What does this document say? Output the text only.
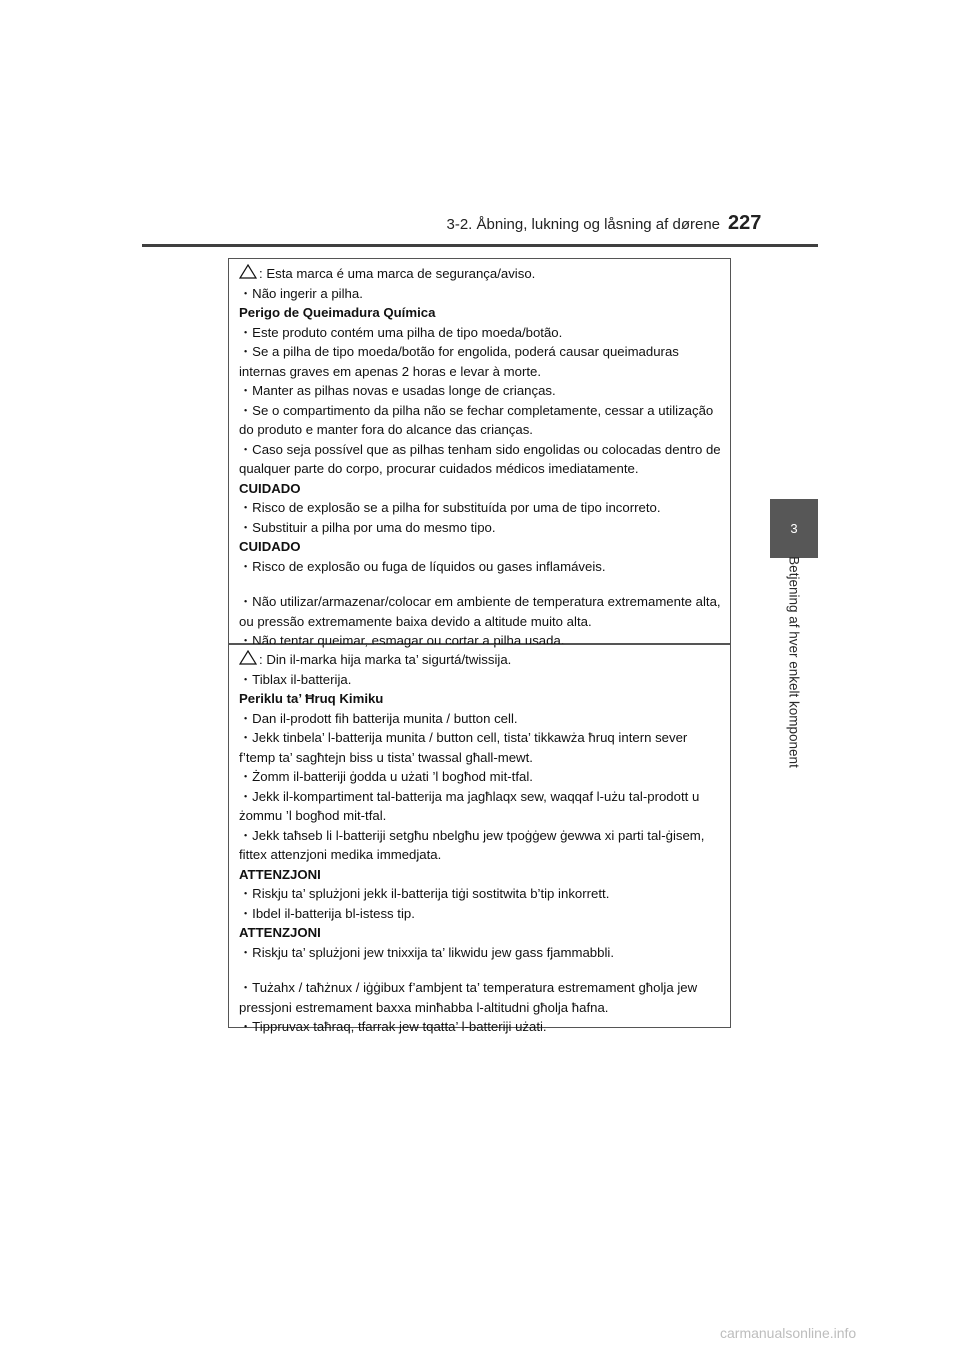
3-2. Åbning, lukning og låsning af dørene 227
3
Betjening af hver enkelt komponent

: Esta marca é uma marca de segurança/aviso.

・Não ingerir a pilha.

Perigo de Queimadura Química

・Este produto contém uma pilha de tipo moeda/botão.

・Se a pilha de tipo moeda/botão for engolida, poderá causar queimaduras internas graves em apenas 2 horas e levar à morte.

・Manter as pilhas novas e usadas longe de crianças.

・Se o compartimento da pilha não se fechar completamente, cessar a utilização do produto e manter fora do alcance das crianças.

・Caso seja possível que as pilhas tenham sido engolidas ou colocadas dentro de qualquer parte do corpo, procurar cuidados médicos imediatamente.

CUIDADO

・Risco de explosão se a pilha for substituída por uma de tipo incorreto.

・Substituir a pilha por uma do mesmo tipo.

CUIDADO

・Risco de explosão ou fuga de líquidos ou gases inflamáveis.

・Não utilizar/armazenar/colocar em ambiente de temperatura extremamente alta, ou pressão extremamente baixa devido a altitude muito alta.

・Não tentar queimar, esmagar ou cortar a pilha usada.

: Din il-marka hija marka ta’ sigurtá/twissija.

・Tiblax il-batterija.

Periklu ta’ Ħruq Kimiku

・Dan il-prodott fih batterija munita / button cell.

・Jekk tinbela’ l-batterija munita / button cell, tista’ tikkawża ħruq intern sever f’temp ta’ sagħtejn biss u tista’ twassal għall-mewt.

・Żomm il-batteriji ġodda u użati ’l bogħod mit-tfal.

・Jekk il-kompartiment tal-batterija ma jagħlaqx sew, waqqaf l-użu tal-prodott u żommu ’l bogħod mit-tfal.

・Jekk taħseb li l-batteriji setgħu nbelgħu jew tpoġġew ġewwa xi parti tal-ġisem, fittex attenzjoni medika immedjata.

ATTENZJONI

・Riskju ta’ splużjoni jekk il-batterija tiġi sostitwita b’tip inkorrett.

・Ibdel il-batterija bl-istess tip.

ATTENZJONI

・Riskju ta’ splużjoni jew tnixxija ta’ likwidu jew gass fjammabbli.

・Tużahx / taħżnux / iġġibux f’ambjent ta’ temperatura estremament għolja jew pressjoni estremament baxxa minħabba l-altitudni għolja ħafna.

・Tippruvax taħraq, tfarrak jew tqatta’ l-batteriji użati.

carmanualsonline.info
